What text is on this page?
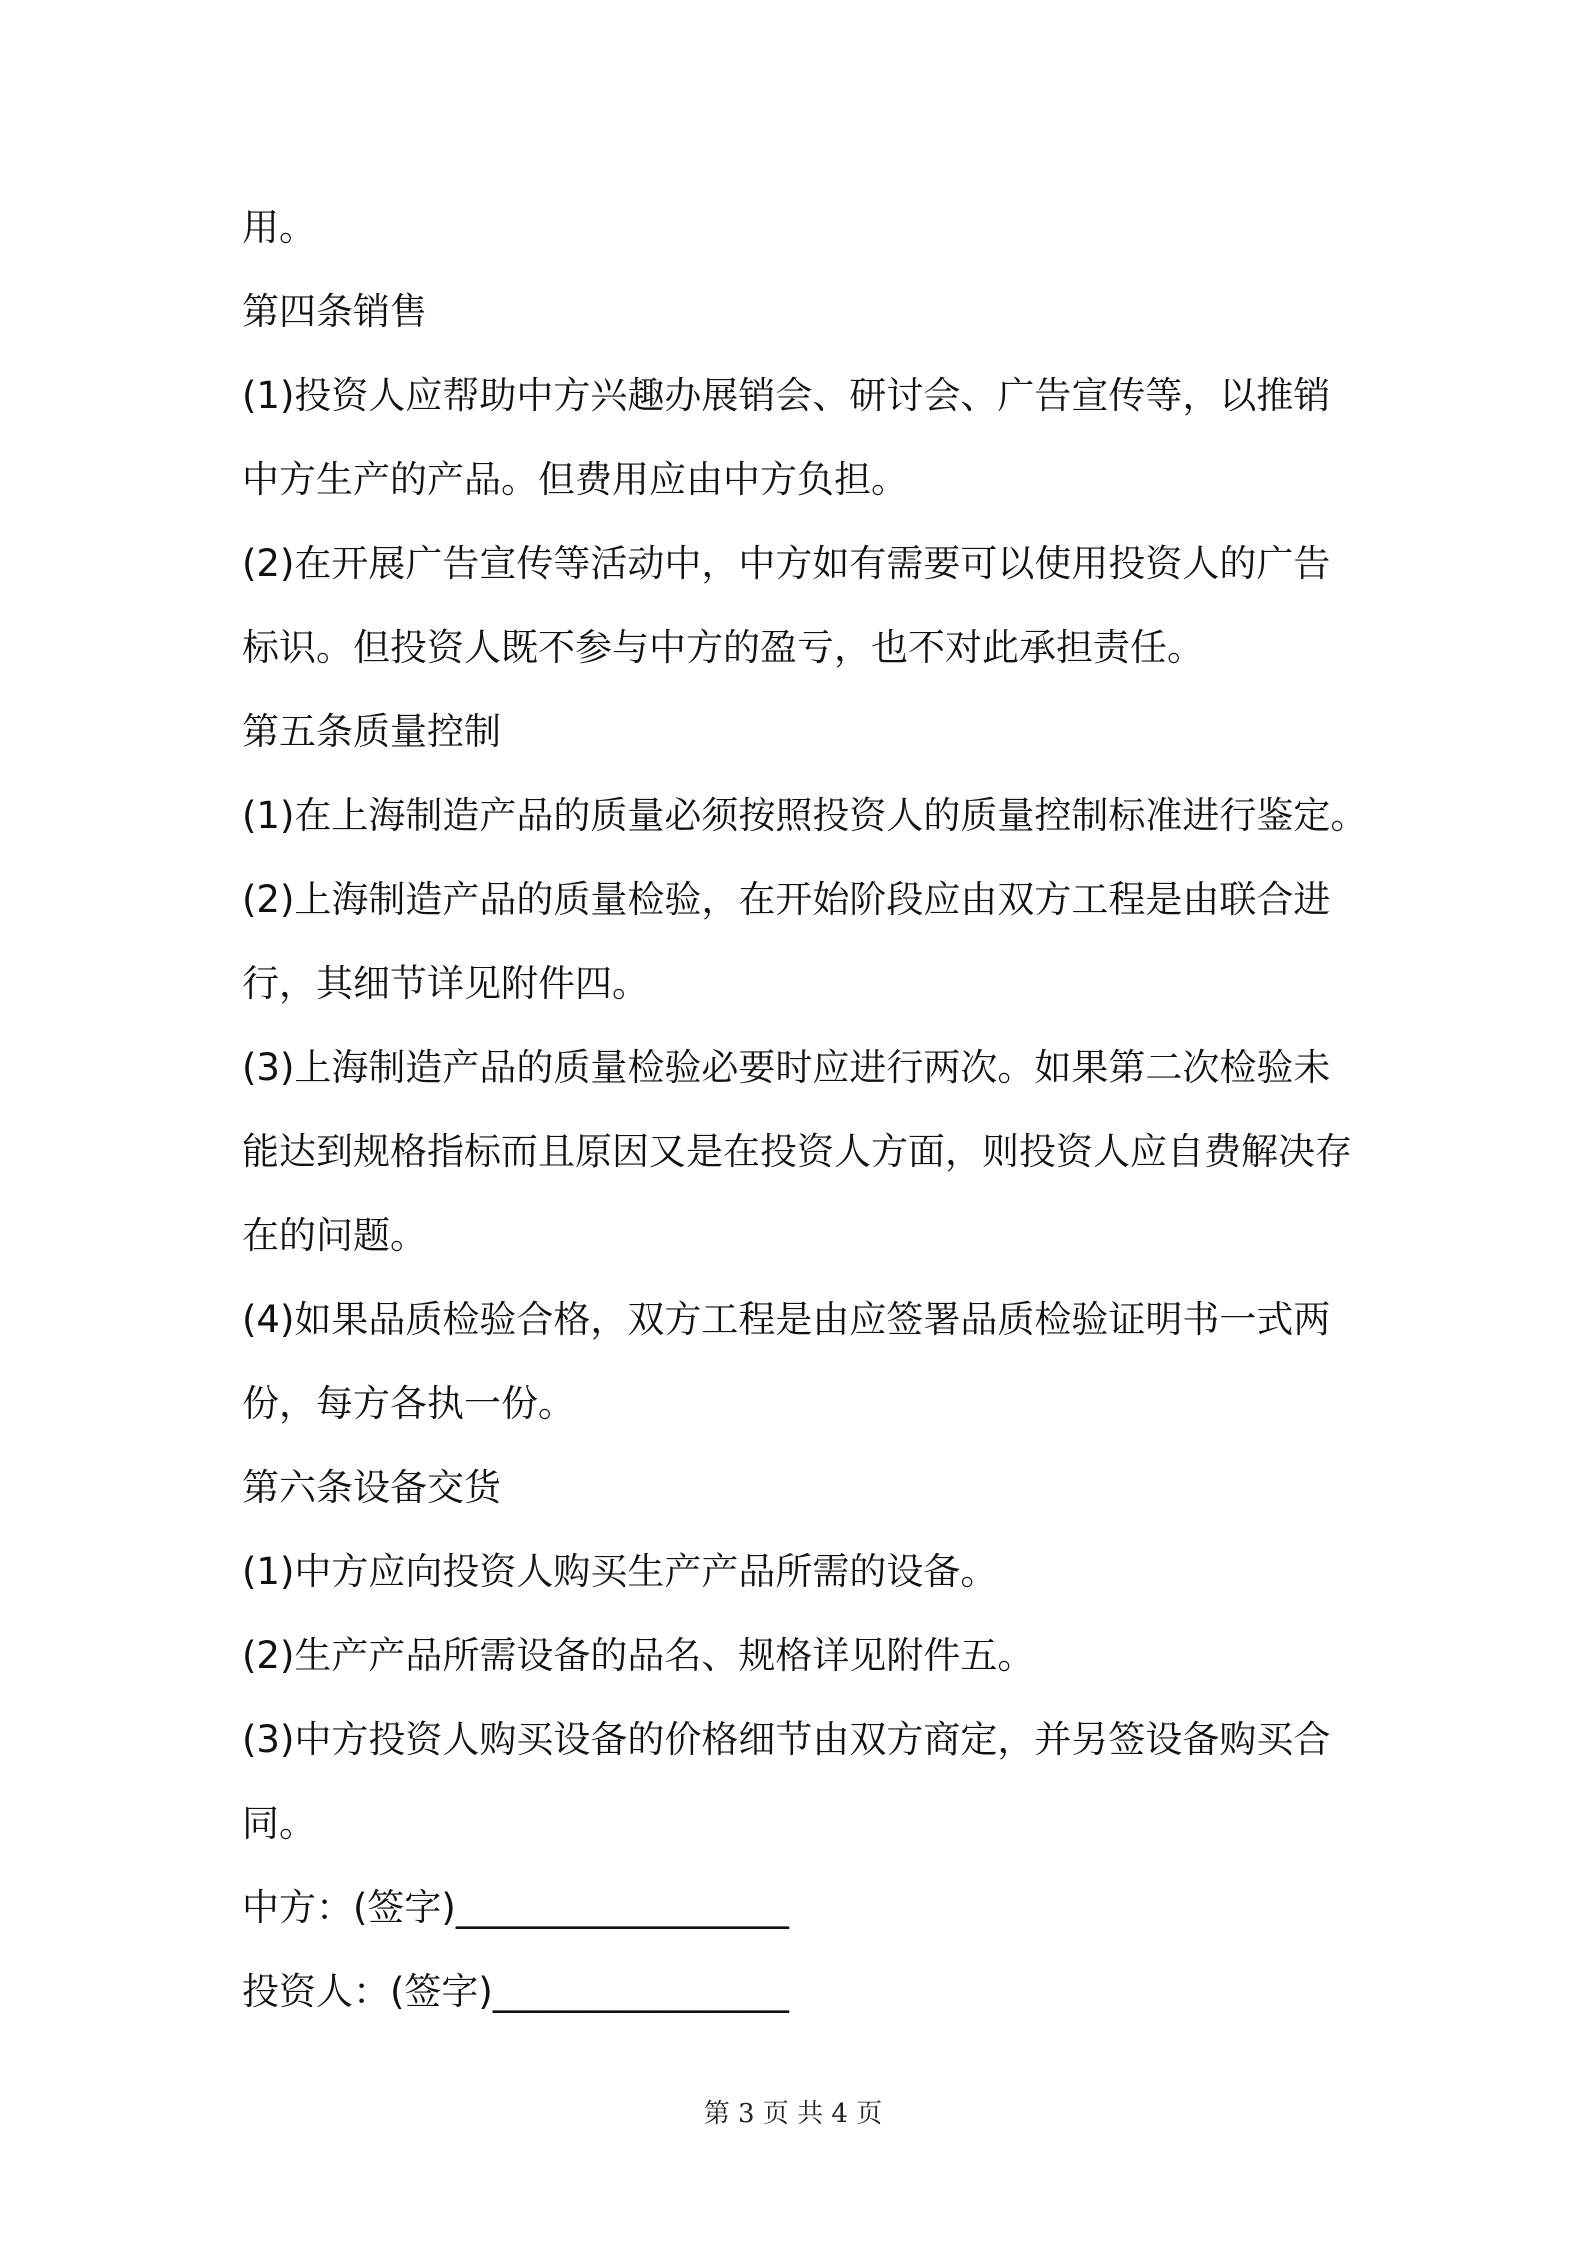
用。
第四条销售
(1)投资人应帮助中方兴趣办展销会、研讨会、广告宣传等，以推销
中方生产的产品。但费用应由中方负担。
(2)在开展广告宣传等活动中，中方如有需要可以使用投资人的广告
标识。但投资人既不参与中方的盈亏，也不对此承担责任。
第五条质量控制
(1)在上海制造产品的质量必须按照投资人的质量控制标准进行鉴定。
(2)上海制造产品的质量检验，在开始阶段应由双方工程是由联合进
行，其细节详见附件四。
(3)上海制造产品的质量检验必要时应进行两次。如果第二次检验未
能达到规格指标而且原因又是在投资人方面，则投资人应自费解决存
在的问题。
(4)如果品质检验合格，双方工程是由应签署品质检验证明书一式两
份，每方各执一份。
第六条设备交货
(1)中方应向投资人购买生产产品所需的设备。
(2)生产产品所需设备的品名、规格详见附件五。
(3)中方投资人购买设备的价格细节由双方商定，并另签设备购买合
同。
中方：(签字)__________________
投资人：(签字)________________
第 3 页 共 4 页
